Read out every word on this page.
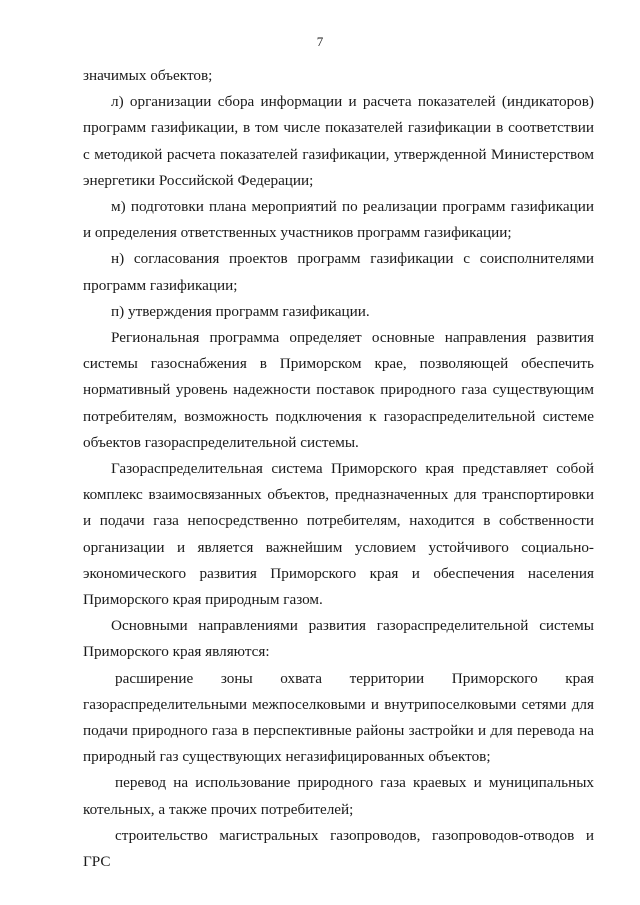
7

значимых объектов;

л) организации сбора информации и расчета показателей (индикаторов) программ газификации, в том числе показателей газификации в соответствии с методикой расчета показателей газификации, утвержденной Министерством энергетики Российской Федерации;

м) подготовки плана мероприятий по реализации программ газификации и определения ответственных участников программ газификации;

н) согласования проектов программ газификации с соисполнителями программ газификации;

п) утверждения программ газификации.

Региональная программа определяет основные направления развития системы газоснабжения в Приморском крае, позволяющей обеспечить нормативный уровень надежности поставок природного газа существующим потребителям, возможность подключения к газораспределительной системе объектов газораспределительной системы.

Газораспределительная система Приморского края представляет собой комплекс взаимосвязанных объектов, предназначенных для транспортировки и подачи газа непосредственно потребителям, находится в собственности организации и является важнейшим условием устойчивого социально-экономического развития Приморского края и обеспечения населения Приморского края природным газом.

Основными направлениями развития газораспределительной системы Приморского края являются:

расширение зоны охвата территории Приморского края газораспределительными межпоселковыми и внутрипоселковыми сетями для подачи природного газа в перспективные районы застройки и для перевода на природный газ существующих негазифицированных объектов;

перевод на использование природного газа краевых и муниципальных котельных, а также прочих потребителей;

строительство магистральных газопроводов, газопроводов-отводов и ГРС
